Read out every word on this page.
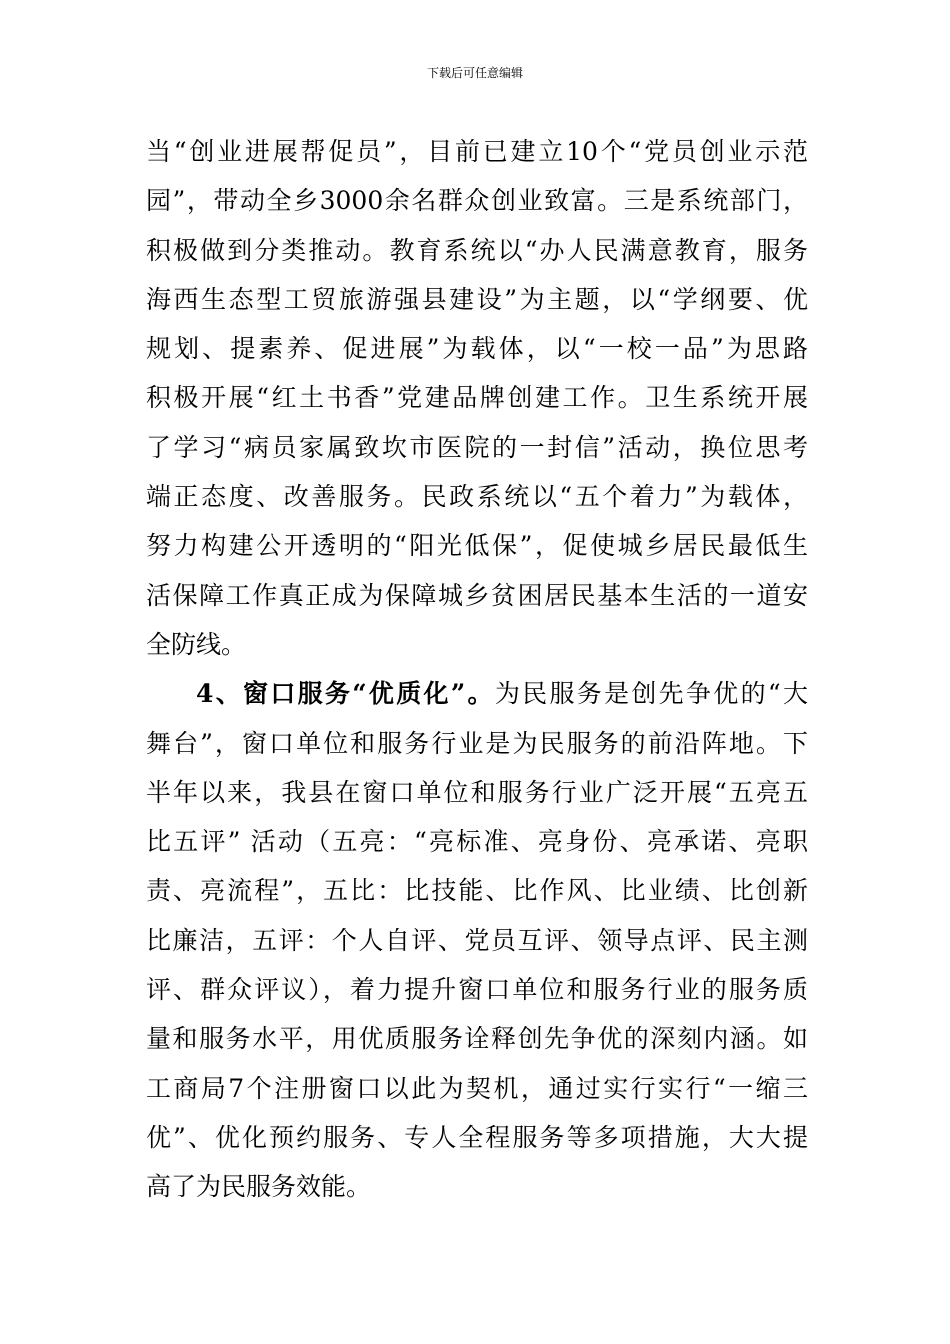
下载后可任意编辑
当“创业进展帮促员”，目前已建立10个“党员创业示范
园”，带动全乡3000余名群众创业致富。三是系统部门，
积极做到分类推动。教育系统以“办人民满意教育，服务
海西生态型工贸旅游强县建设”为主题，以“学纲要、优
规划、提素养、促进展”为载体，以“一校一品”为思路
积极开展“红土书香”党建品牌创建工作。卫生系统开展
了学习“病员家属致坎市医院的一封信”活动，换位思考
端正态度、改善服务。民政系统以“五个着力”为载体，
努力构建公开透明的“阳光低保”，促使城乡居民最低生
活保障工作真正成为保障城乡贫困居民基本生活的一道安
全防线。
4、窗口服务“优质化”。为民服务是创先争优的“大
舞台”，窗口单位和服务行业是为民服务的前沿阵地。下
半年以来，我县在窗口单位和服务行业广泛开展“五亮五
比五评” 活动（五亮：“亮标准、亮身份、亮承诺、亮职
责、亮流程”，五比：比技能、比作风、比业绩、比创新
比廉洁，五评：个人自评、党员互评、领导点评、民主测
评、群众评议），着力提升窗口单位和服务行业的服务质
量和服务水平，用优质服务诠释创先争优的深刻内涵。如
工商局7个注册窗口以此为契机，通过实行实行“一缩三
优”、优化预约服务、专人全程服务等多项措施，大大提
高了为民服务效能。
